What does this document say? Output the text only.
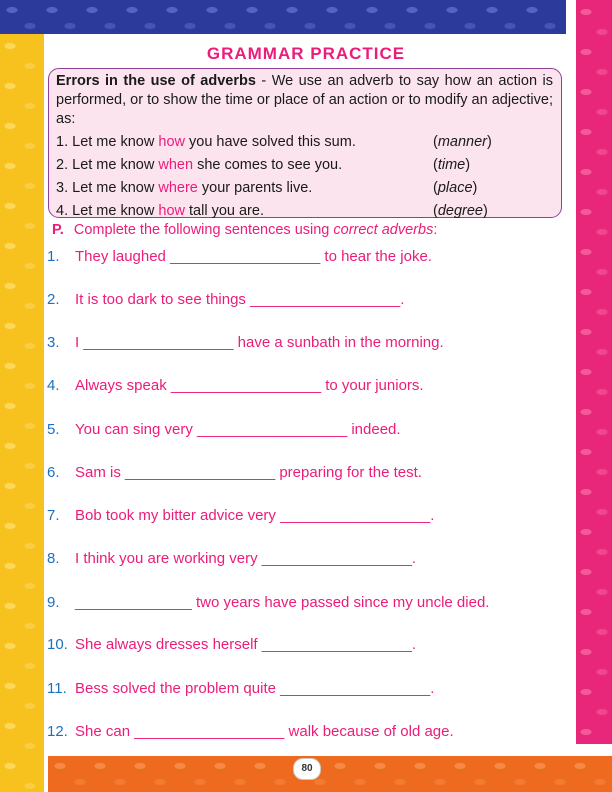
80
GRAMMAR PRACTICE
Errors in the use of adverbs - We use an adverb to say how an action is performed, or to show the time or place of an action or to modify an adjective; as:
1. Let me know how you have solved this sum.	(manner)
2. Let me know when she comes to see you.	(time)
3. Let me know where your parents live.	(place)
4. Let me know how tall you are.	(degree)
P. Complete the following sentences using correct adverbs:
1. They laughed __________________ to hear the joke.
2. It is too dark to see things __________________.
3. I __________________ have a sunbath in the morning.
4. Always speak __________________ to your juniors.
5. You can sing very __________________ indeed.
6. Sam is __________________ preparing for the test.
7. Bob took my bitter advice very __________________.
8. I think you are working very __________________.
9. ______________ two years have passed since my uncle died.
10. She always dresses herself __________________.
11. Bess solved the problem quite __________________.
12. She can __________________ walk because of old age.
